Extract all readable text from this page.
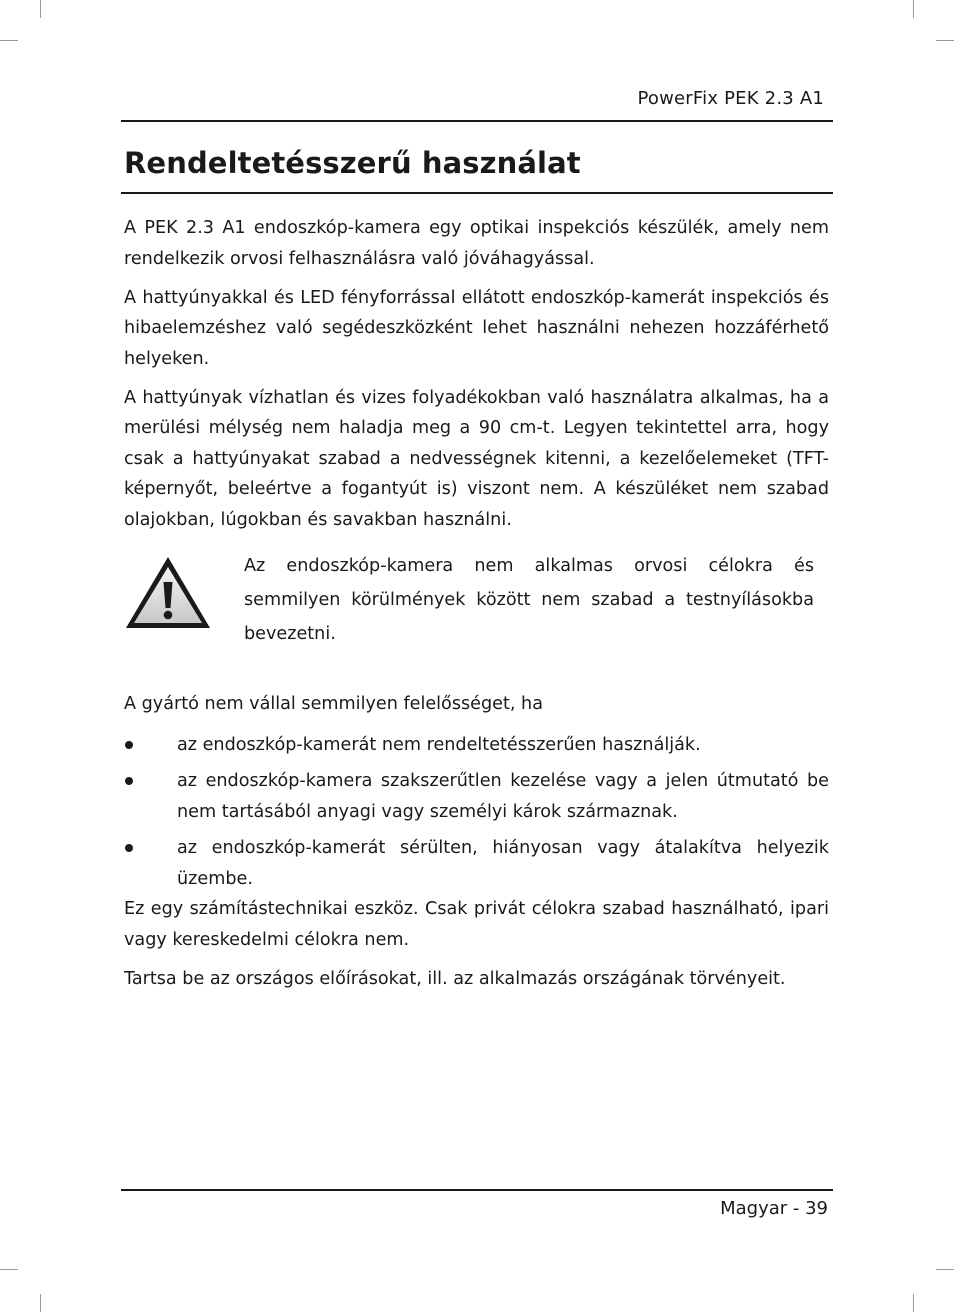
PowerFix PEK 2.3 A1
Rendeltetésszerű használat

A PEK 2.3 A1 endoszkóp-kamera egy optikai inspekciós készülék, amely nem rendelkezik orvosi felhasználásra való jóváhagyással.

A hattyúnyakkal és LED fényforrással ellátott endoszkóp-kamerát inspekciós és hibaelemzéshez való segédeszközként lehet használni nehezen hozzáférhető helyeken.

A hattyúnyak vízhatlan és vizes folyadékokban való használatra alkalmas, ha a merülési mélység nem haladja meg a 90 cm-t. Legyen tekintettel arra, hogy csak a hattyúnyakat szabad a nedvességnek kitenni, a kezelőelemeket (TFT-képernyőt, beleértve a fogantyút is) viszont nem. A készüléket nem szabad olajokban, lúgokban és savakban használni.

Az endoszkóp-kamera nem alkalmas orvosi célokra és semmilyen körülmények között nem szabad a testnyílásokba bevezetni.

A gyártó nem vállal semmilyen felelősséget, ha

az endoszkóp-kamerát nem rendeltetésszerűen használják.
az endoszkóp-kamera szakszerűtlen kezelése vagy a jelen útmutató be nem tartásából anyagi vagy személyi károk származnak.
az endoszkóp-kamerát sérülten, hiányosan vagy átalakítva helyezik üzembe.

Ez egy számítástechnikai eszköz. Csak privát célokra szabad használható, ipari vagy kereskedelmi célokra nem.

Tartsa be az országos előírásokat, ill. az alkalmazás országának törvényeit.

Magyar - 39
